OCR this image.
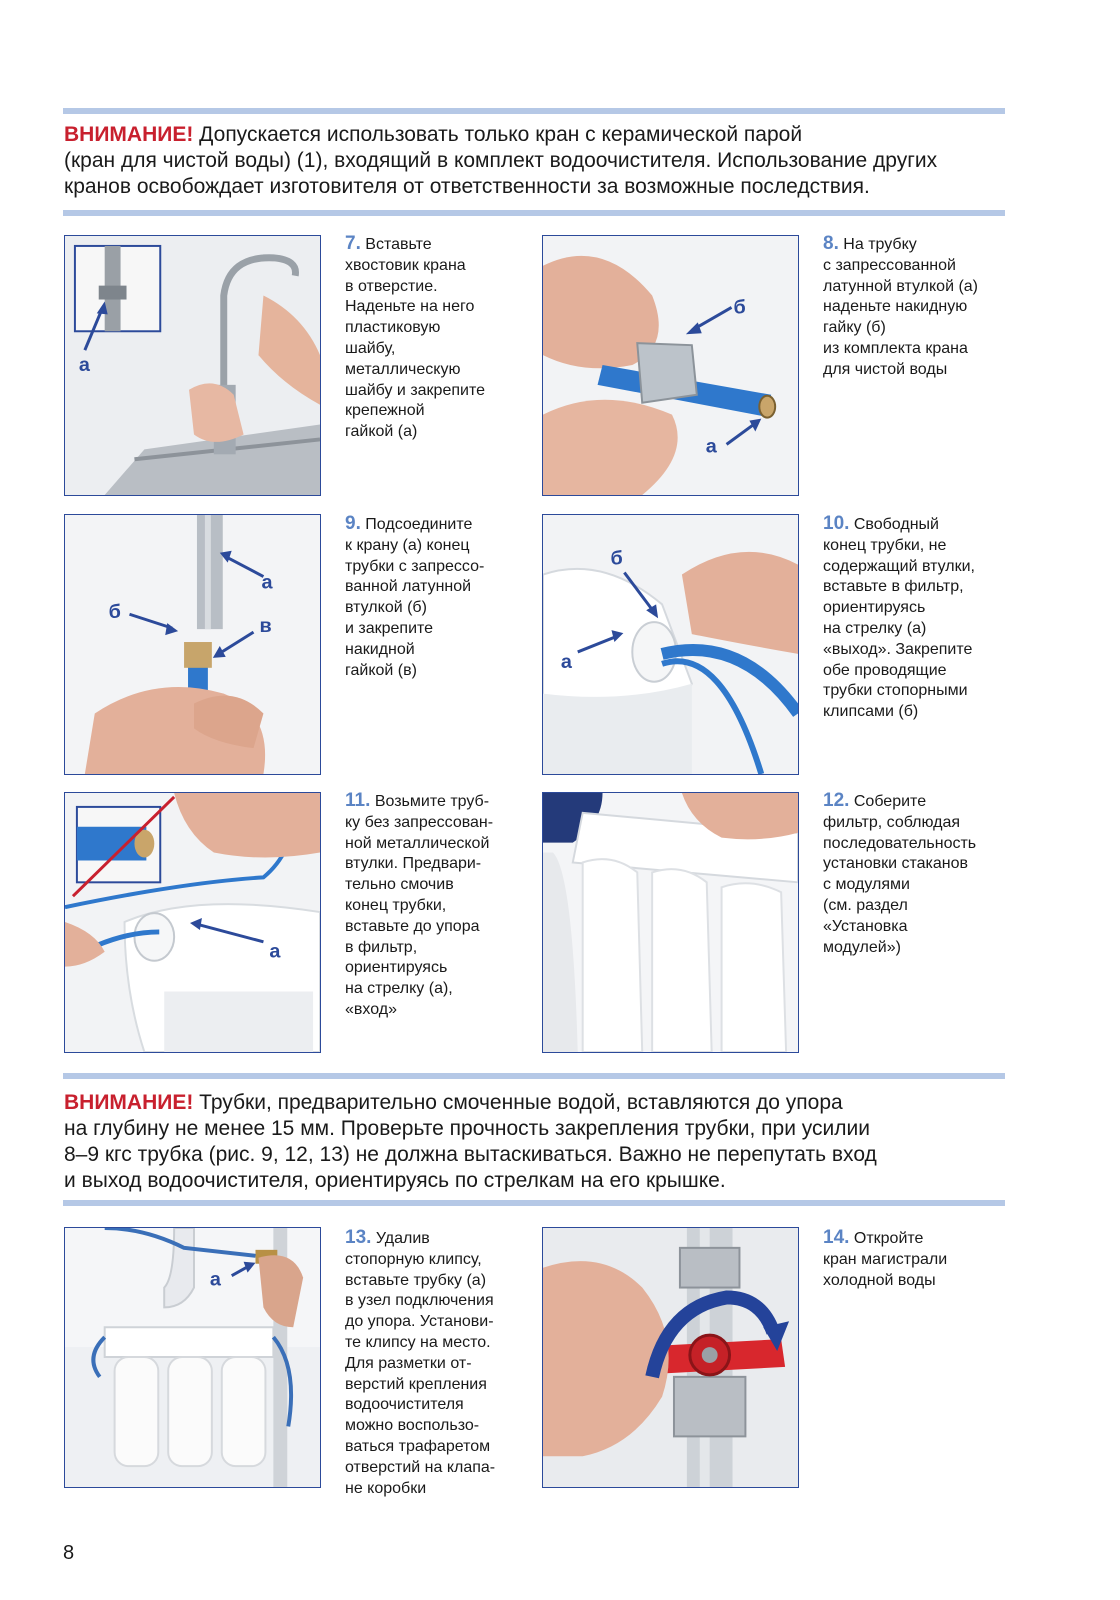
ВНИМАНИЕ! Допускается использовать только кран с керамической парой
(кран для чистой воды) (1), входящий в комплект водоочистителя. Использование других
кранов освобождает изготовителя от ответственности за возможные последствия.
а

7. Вставьте

хвостовик крана

в отверстие.

Наденьте на него

пластиковую

шайбу,

металлическую

шайбу и закрепите

крепежной

гайкой (а)

б
а

8. На трубку

с запрессованной

латунной втулкой (а)

наденьте накидную

гайку (б)

из комплекта крана

для чистой воды

а
б
в

9. Подсоедините

к крану (а) конец

трубки с запрессо-

ванной латунной

втулкой (б)

и закрепите

накидной

гайкой (в)

б
а

10. Свободный

конец трубки, не

содержащий втулки,

вставьте в фильтр,

ориентируясь

на стрелку (а)

«выход». Закрепите

обе проводящие

трубки стопорными

клипсами (б)

а

11. Возьмите труб-

ку без запрессован-

ной металлической

втулки. Предвари-

тельно смочив

конец трубки,

вставьте до упора

в фильтр,

ориентируясь

на стрелку (а),

«вход»

12. Соберите

фильтр, соблюдая

последовательность

установки стаканов

с модулями

(см. раздел

«Установка

модулей»)

ВНИМАНИЕ! Трубки, предварительно смоченные водой, вставляются до упора
на глубину не менее 15 мм. Проверьте прочность закрепления трубки, при усилии
8–9 кгс трубка (рис. 9, 12, 13) не должна вытаскиваться. Важно не перепутать вход
и выход водоочистителя, ориентируясь по стрелкам на его крышке.
а

13. Удалив

стопорную клипсу,

вставьте трубку (а)

в узел подключения

до упора. Установи-

те клипсу на место.

Для разметки от-

верстий крепления

водоочистителя

можно воспользо-

ваться трафаретом

отверстий на клапа-

не коробки

14. Откройте

кран магистрали

холодной воды

8
